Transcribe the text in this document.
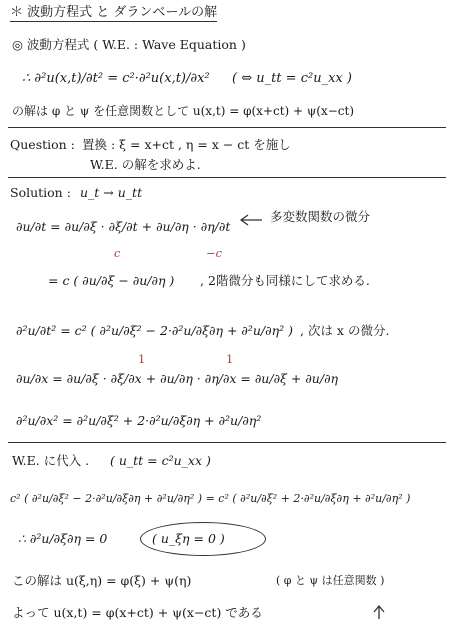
＊ 波動方程式 と ダランベールの解
◎ 波動方程式 ( W.E. : Wave Equation )
∴ ∂²u(x,t)/∂t² = c²·∂²u(x,t)/∂x² ( ⇔ u_tt = c²u_xx )
の解は φ と ψ を任意関数として u(x,t) = φ(x+ct) + ψ(x−ct)
Question : 置換 : ξ = x+ct , η = x − ct を施し
W.E. の解を求めよ.
Solution : u_t → u_tt
∂u/∂t = ∂u/∂ξ · ∂ξ/∂t + ∂u/∂η · ∂η/∂t
多変数関数の微分
c	−c
= c ( ∂u/∂ξ − ∂u/∂η ) , 2階微分も同様にして求める.
∂²u/∂t² = c² ( ∂²u/∂ξ² − 2·∂²u/∂ξ∂η + ∂²u/∂η² ) , 次は x の微分.
1	1
∂u/∂x = ∂u/∂ξ · ∂ξ/∂x + ∂u/∂η · ∂η/∂x = ∂u/∂ξ + ∂u/∂η
∂²u/∂x² = ∂²u/∂ξ² + 2·∂²u/∂ξ∂η + ∂²u/∂η²
W.E. に代入 . ( u_tt = c²u_xx )
c² ( ∂²u/∂ξ² − 2·∂²u/∂ξ∂η + ∂²u/∂η² ) = c² ( ∂²u/∂ξ² + 2·∂²u/∂ξ∂η + ∂²u/∂η² )
∴ ∂²u/∂ξ∂η = 0	( u_ξη = 0 )
この解は u(ξ,η) = φ(ξ) + ψ(η)	( φ と ψ は任意関数 )
よって u(x,t) = φ(x+ct) + ψ(x−ct) である
